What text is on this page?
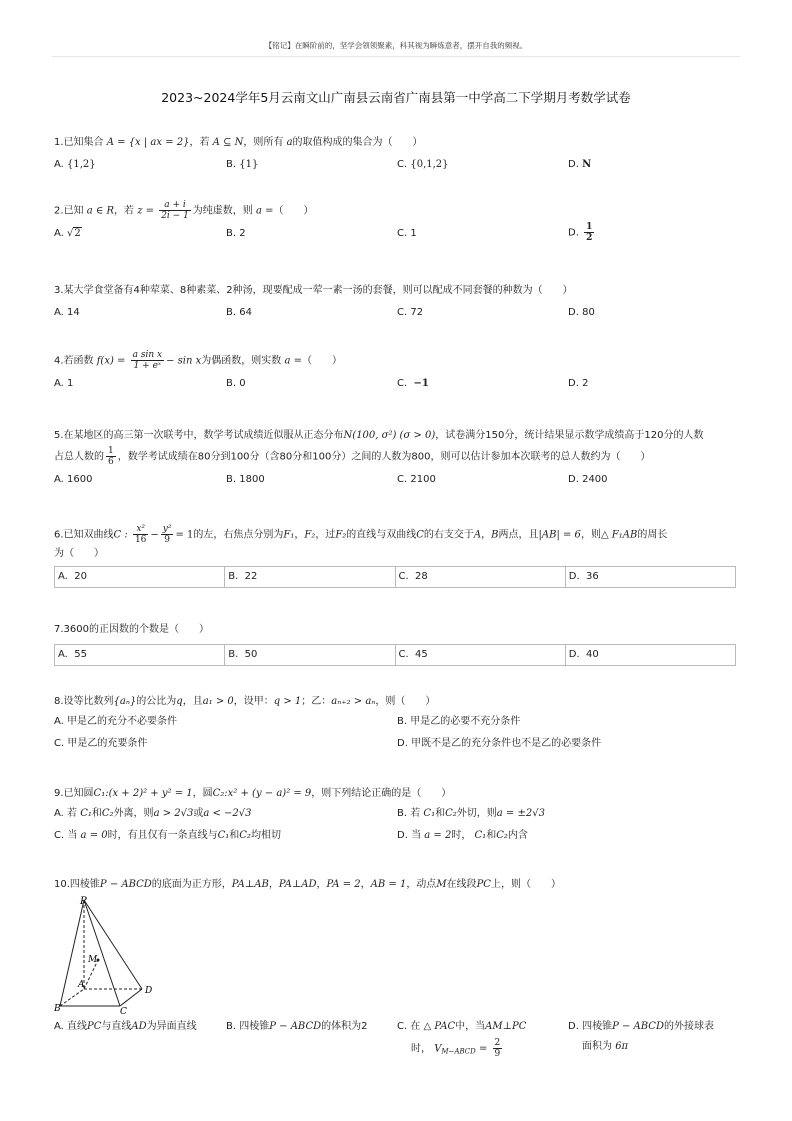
【铭记】在瞬阶前的，坚学会领领聚素，科其视为瞬炼意者，摆开自我的频视。
2023~2024学年5月云南文山广南县云南省广南县第一中学高二下学期月考数学试卷
1.已知集合 A = {x | ax = 2}，若 A ⊆ N，则所有 a的取值构成的集合为（　　）
A. {1,2}	B. {1}	C. {0,1,2}	D. N
2.已知 a ∈ R，若 $z = \frac{a + i}{2i - 1}$ 为纯虚数，则 a =（　　）
A. √2	B. 2	C. 1	D. $\frac{1}{2}$
3.某大学食堂备有4种荤菜、8种素菜、2种汤，现要配成一荤一素一汤的套餐，则可以配成不同套餐的种数为（　　）
A. 14	B. 64	C. 72	D. 80
4.若函数 $f(x) = \frac{\text{a sin x}}{\text{1 + eˣ}} - \sin x$为偶函数，则实数 a =（　　）
A. 1	B. 0	C. −1	D. 2
5.在某地区的高三第一次联考中，数学考试成绩近似服从正态分布N(100, σ²) (σ > 0)，试卷满分150分，统计结果显示数学成绩高于120分的人数
占总人数的 $\frac{1}{6}$ ，数学考试成绩在80分到100分（含80分和100分）之间的人数为800，则可以估计参加本次联考的总人数约为（　　）
A. 1600	B. 1800	C. 2100	D. 2400
6.已知双曲线C : $\frac{\text{x²}}{16} - \frac{\text{y²}}{9} = 1$的左，右焦点分别为F₁，F₂，过F₂的直线与双曲线C的右支交于A，B两点，且|AB| = 6，则△ F₁AB的周长
为（　　）
A. 20	B. 22	C. 28	D. 36
7.3600的正因数的个数是（　　）
A. 55	B. 50	C. 45	D. 40
8.设等比数列{aₙ}的公比为q，且a₁ > 0，设甲：q > 1；乙：aₙ₊₂ > aₙ，则（　　）
A. 甲是乙的充分不必要条件	B. 甲是乙的必要不充分条件
C. 甲是乙的充要条件	D. 甲既不是乙的充分条件也不是乙的必要条件
9.已知圆C₁:(x + 2)² + y² = 1，圆C₂:x² + (y − a)² = 9，则下列结论正确的是（　　）
A. 若 C₁和C₂外离，则a > 2√3或a < −2√3	B. 若 C₁和C₂外切，则a = ±2√3
C. 当 a = 0时，有且仅有一条直线与C₁和C₂均相切	D. 当 a = 2时， C₁和C₂内含
10.四棱锥P − ABCD的底面为正方形，PA⊥AB，PA⊥AD，PA = 2，AB = 1，动点M在线段PC上，则（　　）
P
M
A
B	C
D
A. 直线PC与直线AD为异面直线	B. 四棱锥P − ABCD的体积为2	C. 在 △ PAC中，当AM⊥PC
时， $V_{M-ABCD} = \frac{2}{9}$
D. 四棱锥P − ABCD的外接球表
面积为 6π
